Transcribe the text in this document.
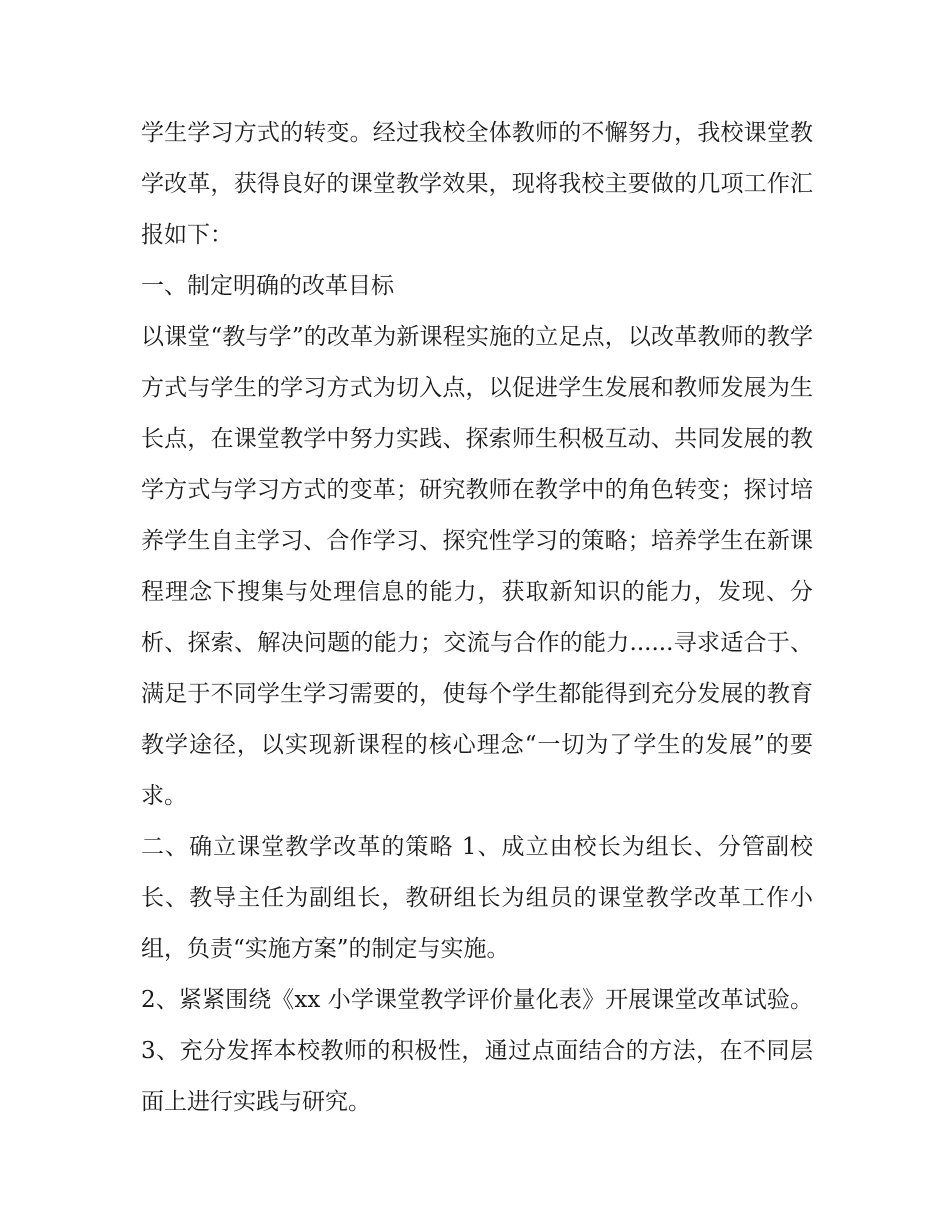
学生学习方式的转变。经过我校全体教师的不懈努力，我校课堂教学改革，获得良好的课堂教学效果，现将我校主要做的几项工作汇报如下：

一、制定明确的改革目标

以课堂“教与学”的改革为新课程实施的立足点，以改革教师的教学方式与学生的学习方式为切入点，以促进学生发展和教师发展为生长点，在课堂教学中努力实践、探索师生积极互动、共同发展的教学方式与学习方式的变革；研究教师在教学中的角色转变；探讨培养学生自主学习、合作学习、探究性学习的策略；培养学生在新课程理念下搜集与处理信息的能力，获取新知识的能力，发现、分析、探索、解决问题的能力；交流与合作的能力......寻求适合于、满足于不同学生学习需要的，使每个学生都能得到充分发展的教育教学途径，以实现新课程的核心理念“一切为了学生的发展”的要求。

二、确立课堂教学改革的策略 1、成立由校长为组长、分管副校长、教导主任为副组长，教研组长为组员的课堂教学改革工作小组，负责“实施方案”的制定与实施。

2、紧紧围绕《xx 小学课堂教学评价量化表》开展课堂改革试验。 3、充分发挥本校教师的积极性，通过点面结合的方法，在不同层面上进行实践与研究。
